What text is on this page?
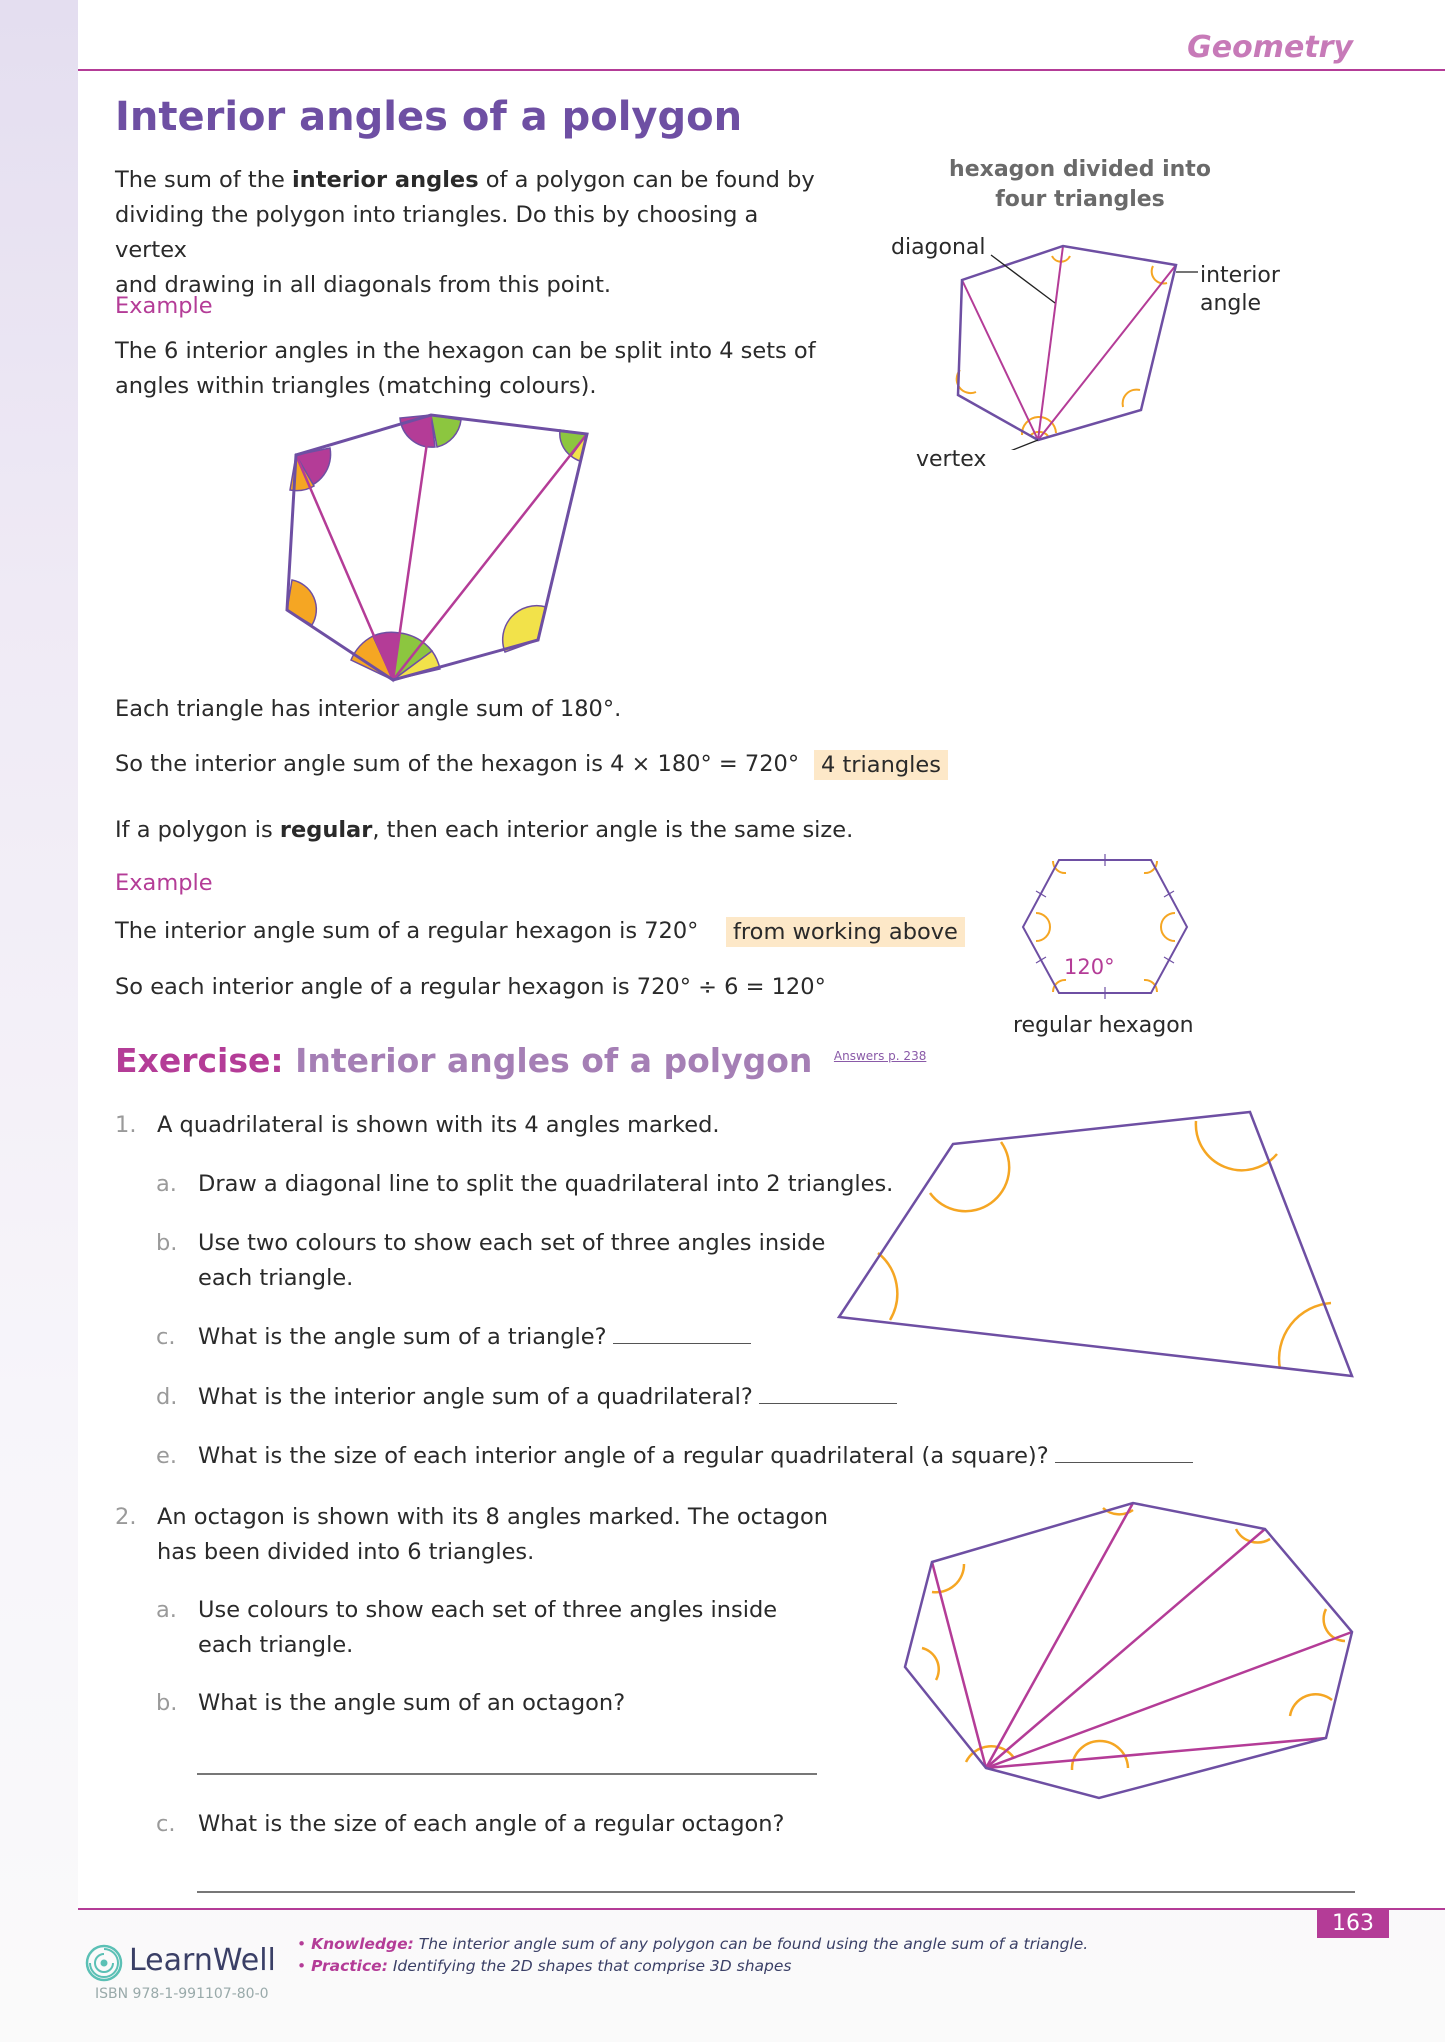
Geometry
Interior angles of a polygon
The sum of the interior angles of a polygon can be found by
dividing the polygon into triangles. Do this by choosing a vertex
and drawing in all diagonals from this point.
hexagon divided into
four triangles
diagonal
interior
angle
vertex
Example
The 6 interior angles in the hexagon can be split into 4 sets of
angles within triangles (matching colours).
Each triangle has interior angle sum of 180°.
So the interior angle sum of the hexagon is 4 × 180° = 720° 4 triangles
If a polygon is regular, then each interior angle is the same size.
Example
The interior angle sum of a regular hexagon is 720°	from working above
So each interior angle of a regular hexagon is 720° ÷ 6 = 120°
120°
regular hexagon
Exercise: Interior angles of a polygon $^{Answers p. 238}$
1. A quadrilateral is shown with its 4 angles marked.
a. Draw a diagonal line to split the quadrilateral into 2 triangles.
b. Use two colours to show each set of three angles inside
each triangle.
c. What is the angle sum of a triangle?
d. What is the interior angle sum of a quadrilateral?
e. What is the size of each interior angle of a regular quadrilateral (a square)?
2. An octagon is shown with its 8 angles marked. The octagon
has been divided into 6 triangles.
a. Use colours to show each set of three angles inside
each triangle.
b. What is the angle sum of an octagon?
c. What is the size of each angle of a regular octagon?
163
LearnWell
ISBN 978-1-991107-80-0
• Knowledge: The interior angle sum of any polygon can be found using the angle sum of a triangle.
• Practice: Identifying the 2D shapes that comprise 3D shapes
